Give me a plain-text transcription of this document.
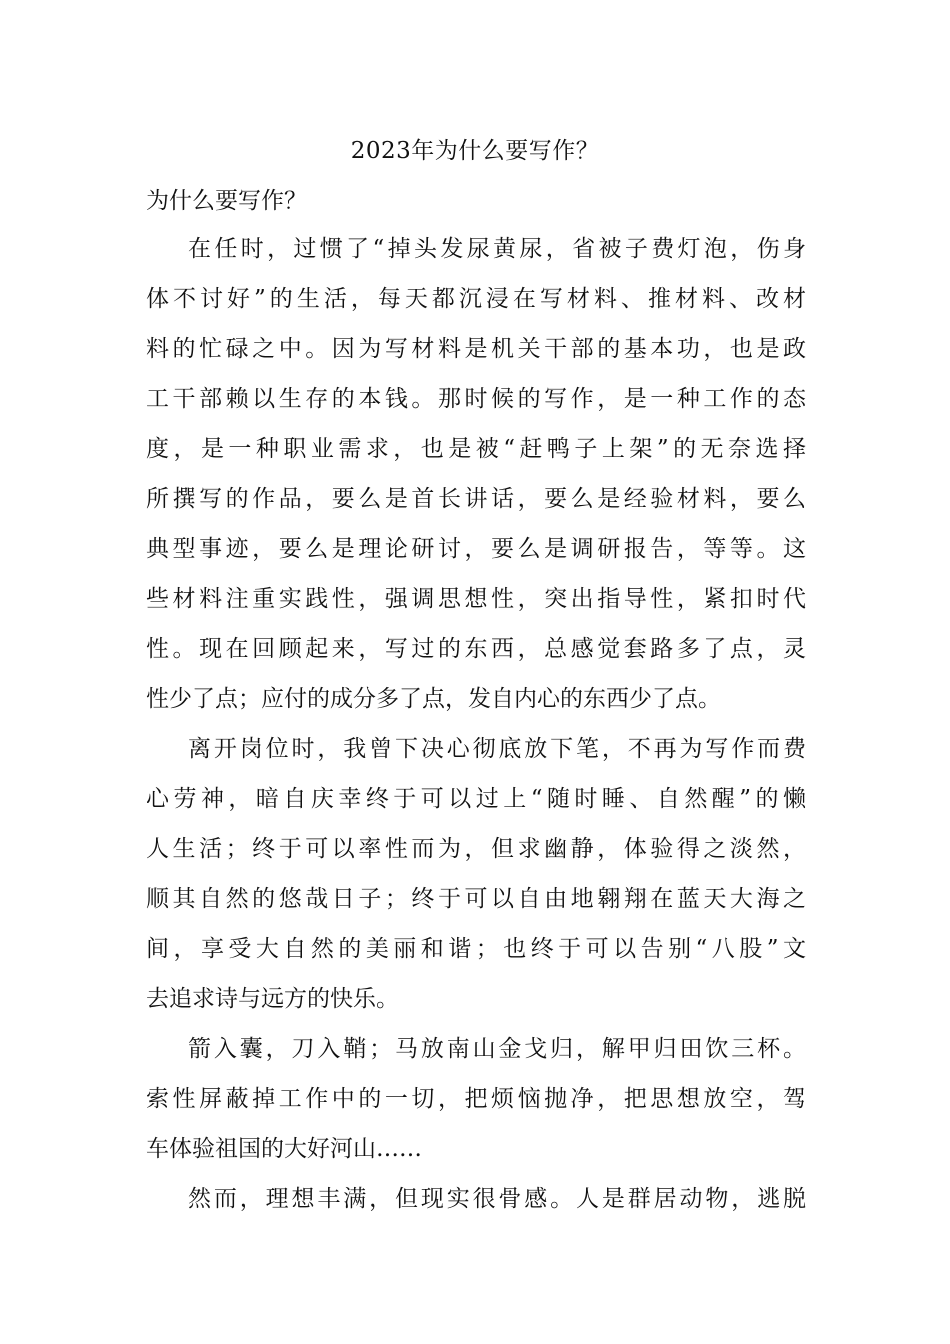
2023年为什么要写作？
为什么要写作？
在任时，过惯了“掉头发尿黄尿，省被子费灯泡，伤身
体不讨好”的生活，每天都沉浸在写材料、推材料、改材
料的忙碌之中。因为写材料是机关干部的基本功，也是政
工干部赖以生存的本钱。那时候的写作，是一种工作的态
度，是一种职业需求，也是被“赶鸭子上架”的无奈选择
所撰写的作品，要么是首长讲话，要么是经验材料，要么
典型事迹，要么是理论研讨，要么是调研报告，等等。这
些材料注重实践性，强调思想性，突出指导性，紧扣时代
性。现在回顾起来，写过的东西，总感觉套路多了点，灵
性少了点；应付的成分多了点，发自内心的东西少了点。
离开岗位时，我曾下决心彻底放下笔，不再为写作而费
心劳神，暗自庆幸终于可以过上“随时睡、自然醒”的懒
人生活；终于可以率性而为，但求幽静，体验得之淡然，
顺其自然的悠哉日子；终于可以自由地翱翔在蓝天大海之
间，享受大自然的美丽和谐；也终于可以告别“八股”文
去追求诗与远方的快乐。
箭入囊，刀入鞘；马放南山金戈归，解甲归田饮三杯。
索性屏蔽掉工作中的一切，把烦恼抛净，把思想放空，驾
车体验祖国的大好河山……
然而，理想丰满，但现实很骨感。人是群居动物，逃脱
